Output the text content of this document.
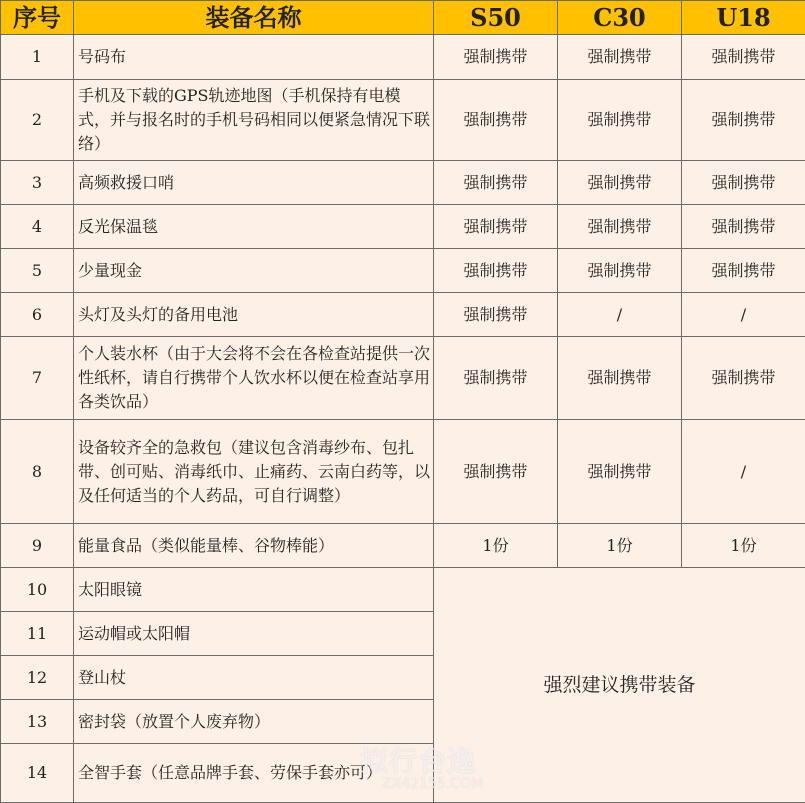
序号	装备名称	S50	C30	U18
1	号码布	强制携带	强制携带	强制携带
2	手机及下载的GPS轨迹地图（手机保持有电模式，并与报名时的手机号码相同以便紧急情况下联络）	强制携带	强制携带	强制携带
3	高频救援口哨	强制携带	强制携带	强制携带
4	反光保温毯	强制携带	强制携带	强制携带
5	少量现金	强制携带	强制携带	强制携带
6	头灯及头灯的备用电池	强制携带	/	/
7	个人装水杯（由于大会将不会在各检查站提供一次性纸杯，请自行携带个人饮水杯以便在检查站享用各类饮品）	强制携带	强制携带	强制携带
8	设备较齐全的急救包（建议包含消毒纱布、包扎带、创可贴、消毒纸巾、止痛药、云南白药等，以及任何适当的个人药品，可自行调整）	强制携带	强制携带	/
9	能量食品（类似能量棒、谷物棒能）	1份	1份	1份
10	太阳眼镜	强烈建议携带装备		
11	运动帽或太阳帽			
12	登山杖			
13	密封袋（放置个人废弃物）			
14	全智手套（任意品牌手套、劳保手套亦可）			
拟行台逸
ZX42155.COM
